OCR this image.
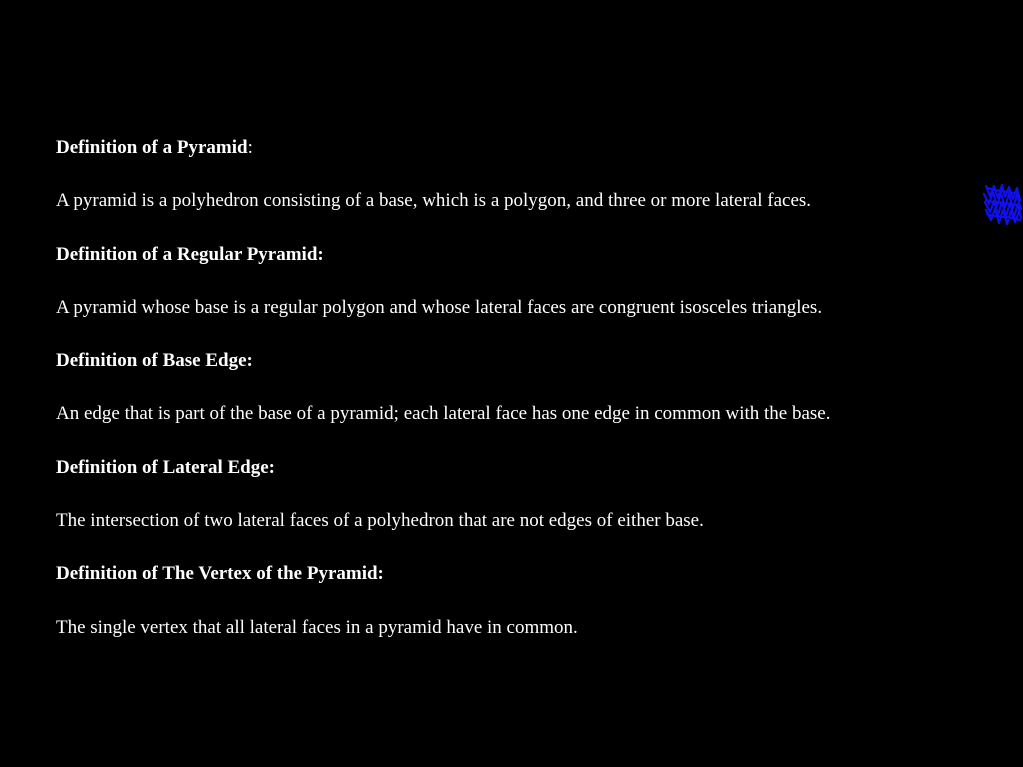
Definition of a Pyramid:
A pyramid is a polyhedron consisting of a base, which is a polygon, and three or more lateral faces.
Definition of a Regular Pyramid:
A pyramid whose base is a regular polygon and whose lateral faces are congruent isosceles triangles.
Definition of Base Edge:
An edge that is part of the base of a pyramid; each lateral face has one edge in common with the base.
Definition of Lateral Edge:
The intersection of two lateral faces of a polyhedron that are not edges of either base.
Definition of The Vertex of the Pyramid:
The single vertex that all lateral faces in a pyramid have in common.
